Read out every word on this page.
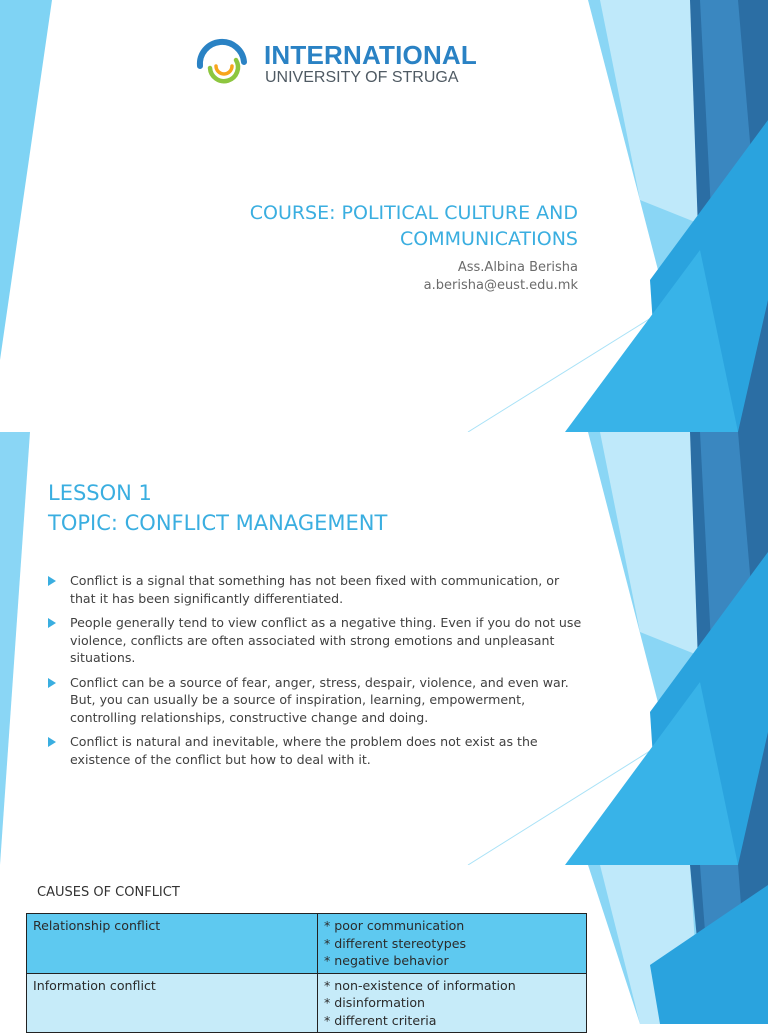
INTERNATIONAL
UNIVERSITY OF STRUGA
COURSE: POLITICAL CULTURE AND
COMMUNICATIONS
Ass.Albina Berisha
a.berisha@eust.edu.mk
LESSON 1
TOPIC: CONFLICT MANAGEMENT
Conflict is a signal that something has not been fixed with communication, or that it has been significantly differentiated.
People generally tend to view conflict as a negative thing. Even if you do not use violence, conflicts are often associated with strong emotions and unpleasant situations.
Conflict can be a source of fear, anger, stress, despair, violence, and even war. But, you can usually be a source of inspiration, learning, empowerment, controlling relationships, constructive change and doing.
Conflict is natural and inevitable, where the problem does not exist as the existence of the conflict but how to deal with it.
CAUSES OF CONFLICT
Relationship conflict	* poor communication
* different stereotypes
* negative behavior

Information conflict	* non-existence of information
* disinformation
* different criteria
